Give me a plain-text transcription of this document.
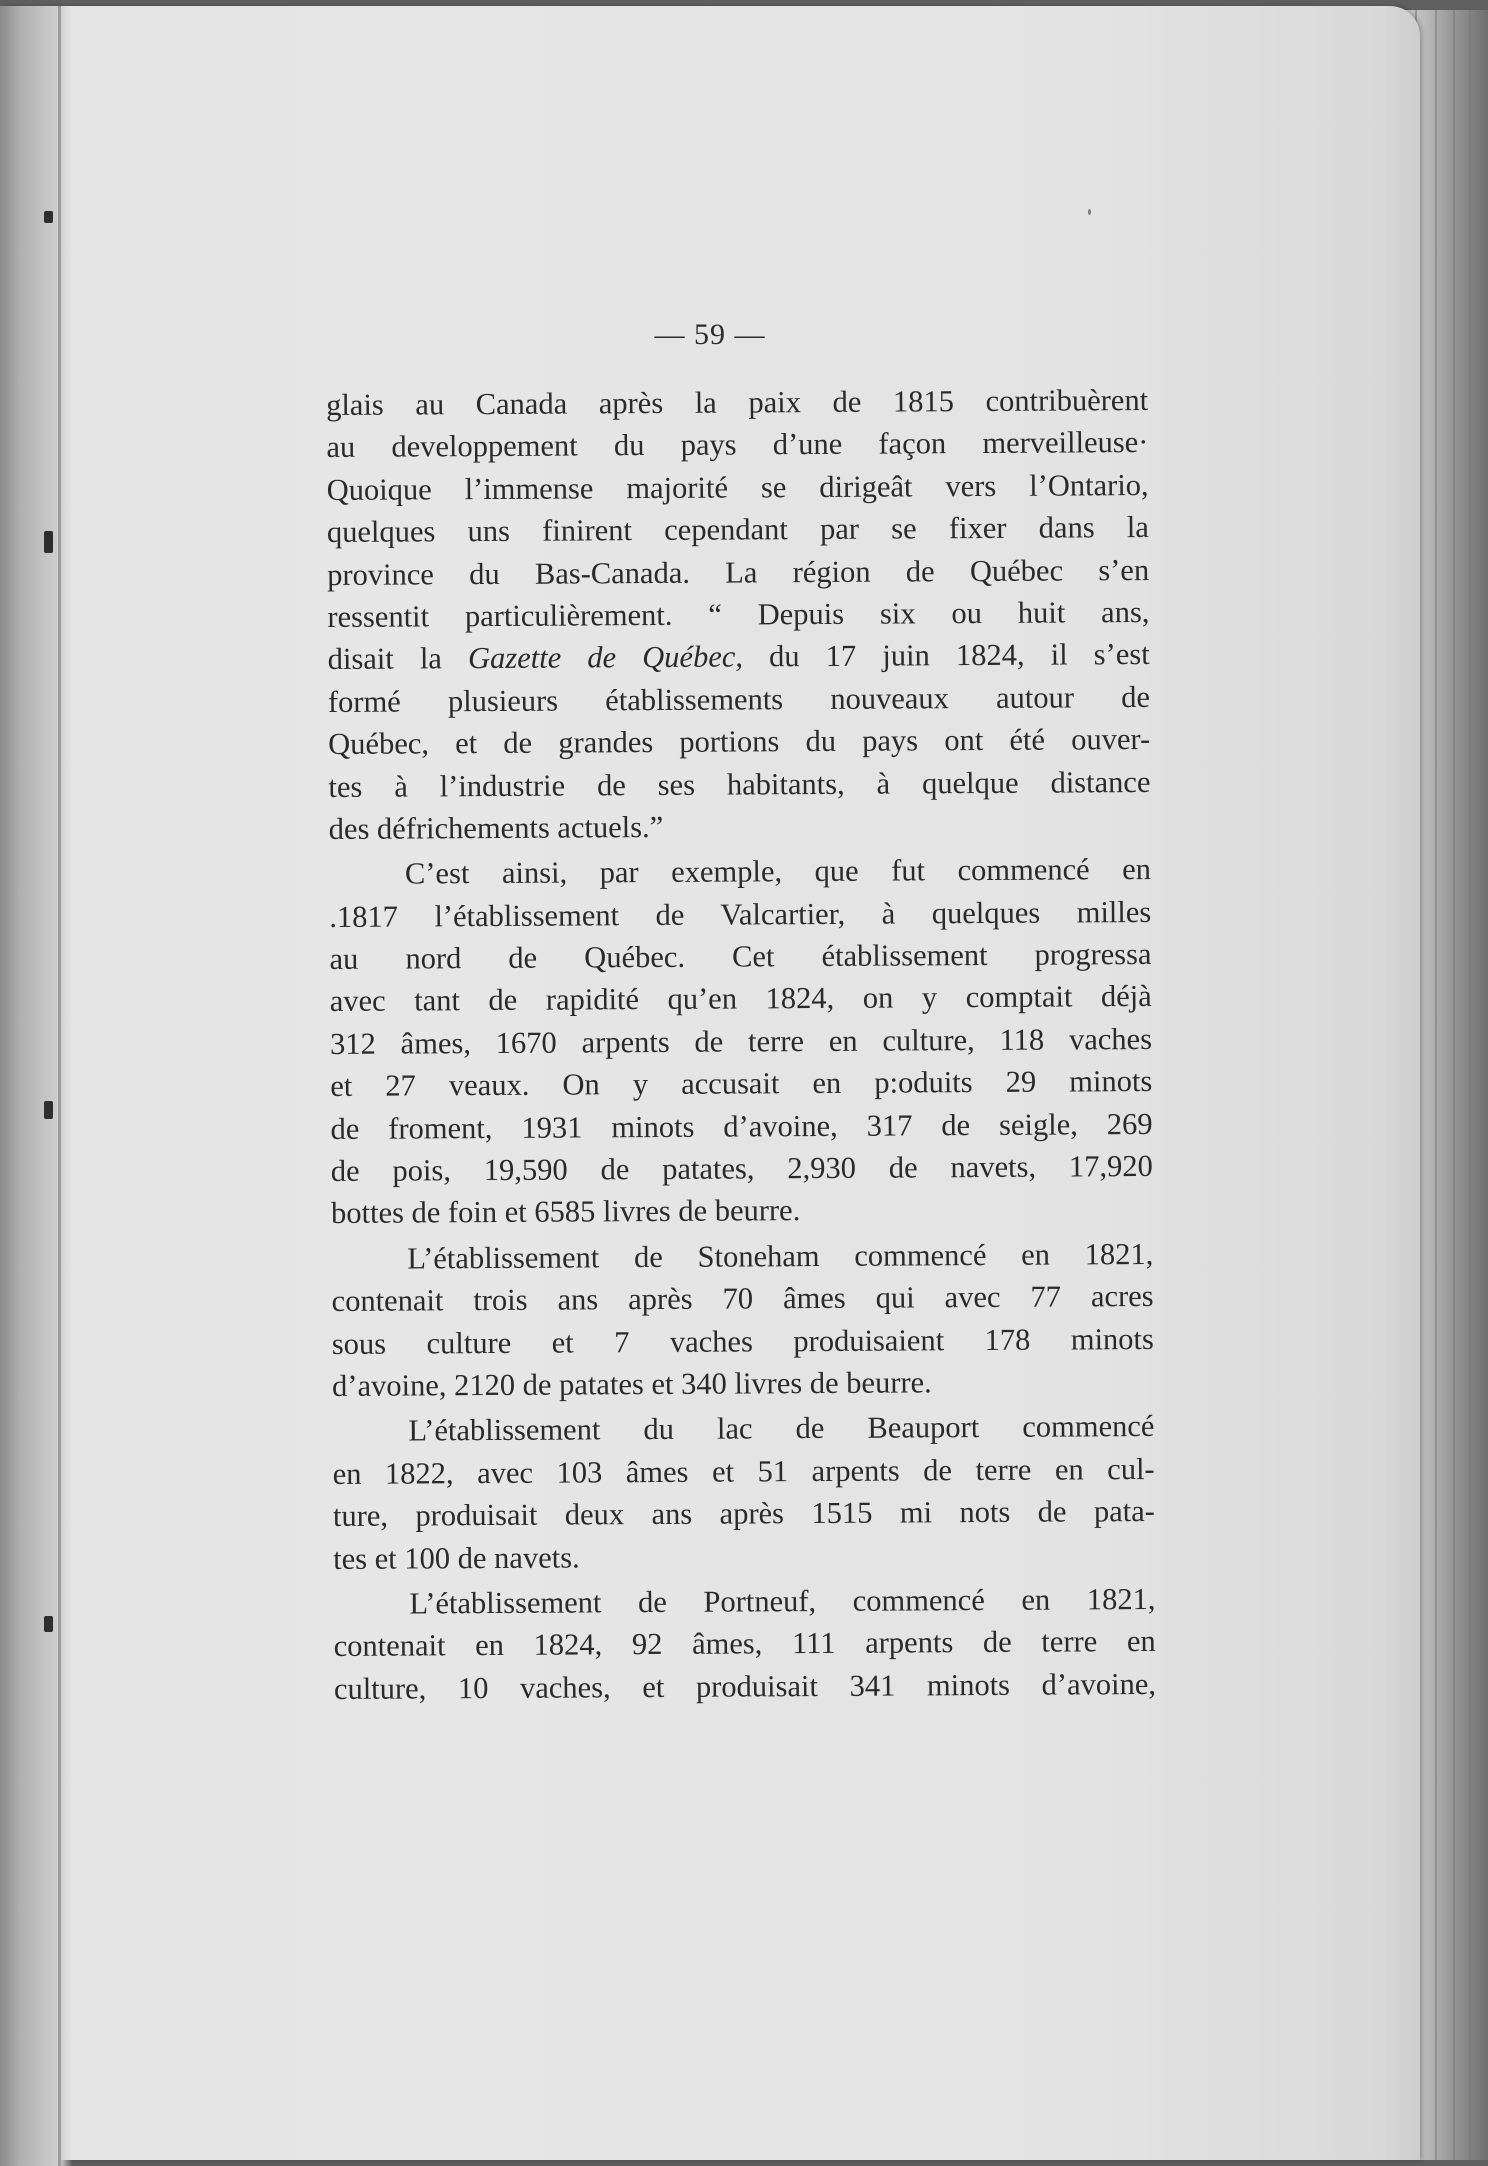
— 59 —
glais au Canada après la paix de 1815 contribuèrent
au developpement du pays d’une façon merveilleuse·
Quoique l’immense majorité se dirigeât vers l’Ontario,
quelques uns finirent cependant par se fixer dans la
province du Bas-Canada. La région de Québec s’en
ressentit particulièrement. “ Depuis six ou huit ans,
disait la Gazette de Québec, du 17 juin 1824, il s’est
formé plusieurs établissements nouveaux autour de
Québec, et de grandes portions du pays ont été ouver-
tes à l’industrie de ses habitants, à quelque distance
des défrichements actuels.”
C’est ainsi, par exemple, que fut commencé en
.1817 l’établissement de Valcartier, à quelques milles
au nord de Québec. Cet établissement progressa
avec tant de rapidité qu’en 1824, on y comptait déjà
312 âmes, 1670 arpents de terre en culture, 118 vaches
et 27 veaux. On y accusait en p:oduits 29 minots
de froment, 1931 minots d’avoine, 317 de seigle, 269
de pois, 19,590 de patates, 2,930 de navets, 17,920
bottes de foin et 6585 livres de beurre.
L’établissement de Stoneham commencé en 1821,
contenait trois ans après 70 âmes qui avec 77 acres
sous culture et 7 vaches produisaient 178 minots
d’avoine, 2120 de patates et 340 livres de beurre.
L’établissement du lac de Beauport commencé
en 1822, avec 103 âmes et 51 arpents de terre en cul-
ture, produisait deux ans après 1515 mi nots de pata-
tes et 100 de navets.
L’établissement de Portneuf, commencé en 1821,
contenait en 1824, 92 âmes, 111 arpents de terre en
culture, 10 vaches, et produisait 341 minots d’avoine,
